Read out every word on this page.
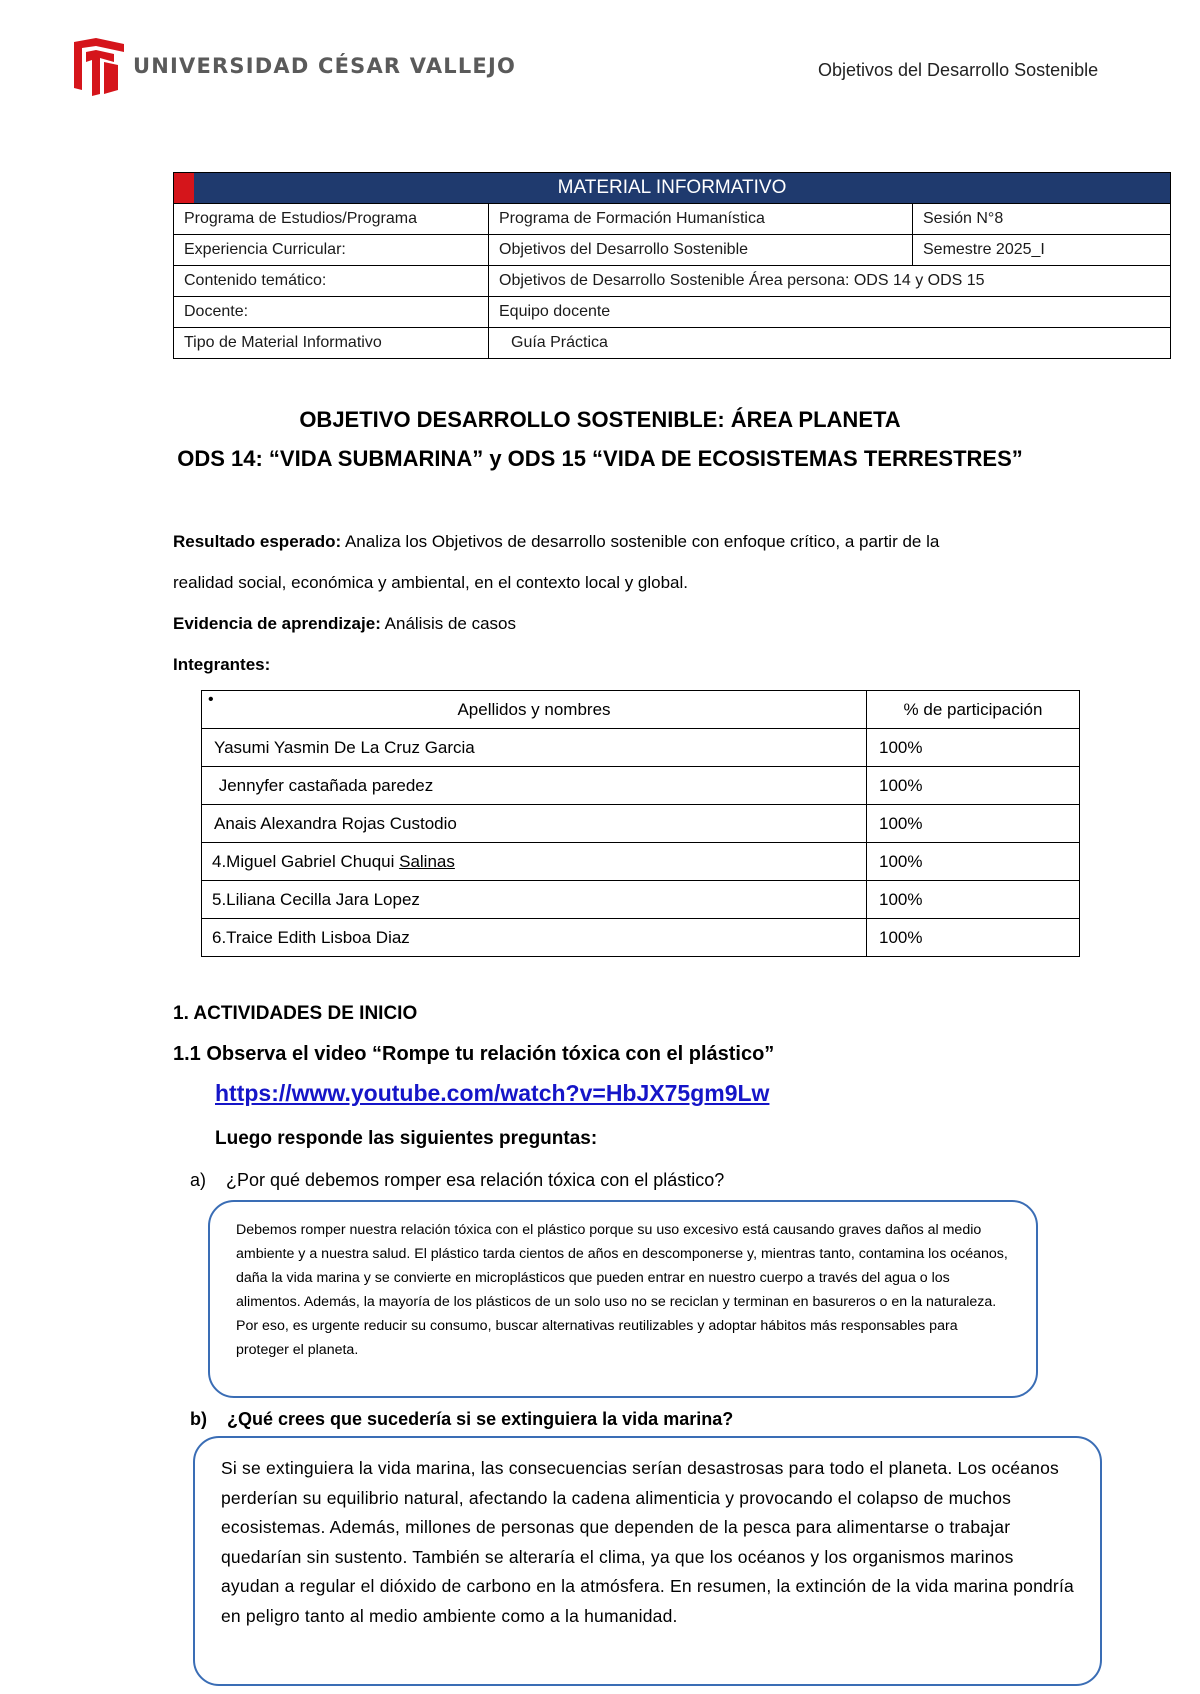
UNIVERSIDAD CÉSAR VALLEJO	Objetivos del Desarrollo Sostenible
MATERIAL INFORMATIVO		
Programa de Estudios/Programa	Programa de Formación Humanística	Sesión N°8
Experiencia Curricular:	Objetivos del Desarrollo Sostenible	Semestre 2025_I
Contenido temático:	Objetivos de Desarrollo Sostenible Área persona: ODS 14 y ODS 15	
Docente:	Equipo docente	
Tipo de Material Informativo	Guía Práctica	
OBJETIVO DESARROLLO SOSTENIBLE: ÁREA PLANETA
ODS 14: “VIDA SUBMARINA” y ODS 15 “VIDA DE ECOSISTEMAS TERRESTRES”
Resultado esperado: Analiza los Objetivos de desarrollo sostenible con enfoque crítico, a partir de la
realidad social, económica y ambiental, en el contexto local y global.
Evidencia de aprendizaje: Análisis de casos
Integrantes:
• Apellidos y nombres	% de participación
Yasumi Yasmin De La Cruz Garcia	100%
Jennyfer castañada paredez	100%
Anais Alexandra Rojas Custodio	100%
4.Miguel Gabriel Chuqui Salinas	100%
5.Liliana Cecilla Jara Lopez	100%
6.Traice Edith Lisboa Diaz	100%
1. ACTIVIDADES DE INICIO
1.1 Observa el video “Rompe tu relación tóxica con el plástico”
https://www.youtube.com/watch?v=HbJX75gm9Lw
Luego responde las siguientes preguntas:
a)    ¿Por qué debemos romper esa relación tóxica con el plástico?
Debemos romper nuestra relación tóxica con el plástico porque su uso excesivo está causando graves daños al medio ambiente y a nuestra salud. El plástico tarda cientos de años en descomponerse y, mientras tanto, contamina los océanos, daña la vida marina y se convierte en microplásticos que pueden entrar en nuestro cuerpo a través del agua o los alimentos. Además, la mayoría de los plásticos de un solo uso no se reciclan y terminan en basureros o en la naturaleza. Por eso, es urgente reducir su consumo, buscar alternativas reutilizables y adoptar hábitos más responsables para proteger el planeta.
b)    ¿Qué crees que sucedería si se extinguiera la vida marina?
Si se extinguiera la vida marina, las consecuencias serían desastrosas para todo el planeta. Los océanos perderían su equilibrio natural, afectando la cadena alimenticia y provocando el colapso de muchos ecosistemas. Además, millones de personas que dependen de la pesca para alimentarse o trabajar quedarían sin sustento. También se alteraría el clima, ya que los océanos y los organismos marinos ayudan a regular el dióxido de carbono en la atmósfera. En resumen, la extinción de la vida marina pondría en peligro tanto al medio ambiente como a la humanidad.
